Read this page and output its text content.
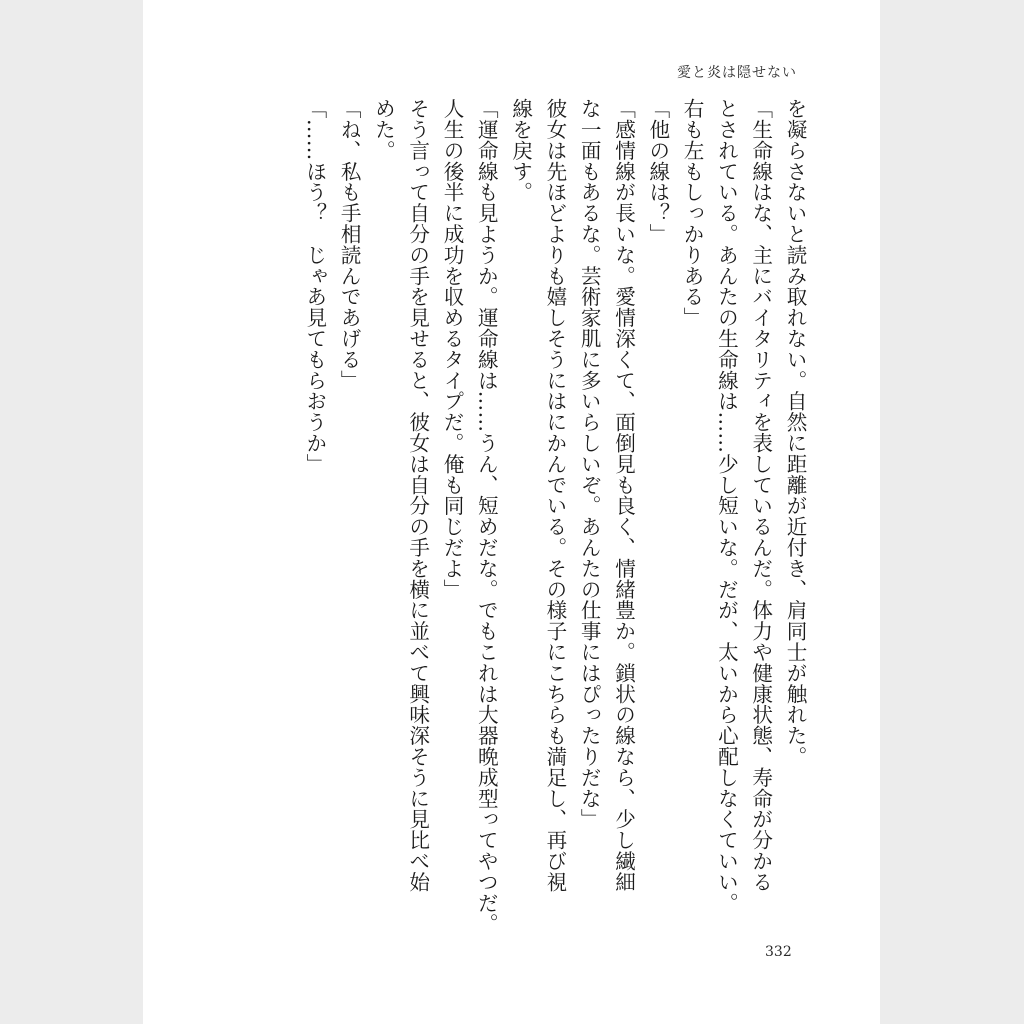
愛と炎は隠せない
を凝らさないと読み取れない。自然に距離が近付き、肩同士が触れた。
「生命線はな、主にバイタリティを表しているんだ。体力や健康状態、寿命が分かる
とされている。あんたの生命線は……少し短いな。だが、太いから心配しなくていい。
右も左もしっかりある」
「他の線は？」
「感情線が長いな。愛情深くて、面倒見も良く、情緒豊か。鎖状の線なら、少し繊細
な一面もあるな。芸術家肌に多いらしいぞ。あんたの仕事にはぴったりだな」
彼女は先ほどよりも嬉しそうにはにかんでいる。その様子にこちらも満足し、再び視
線を戻す。
「運命線も見ようか。運命線は……うん、短めだな。でもこれは大器晩成型ってやつだ。
人生の後半に成功を収めるタイプだ。俺も同じだよ」
そう言って自分の手を見せると、彼女は自分の手を横に並べて興味深そうに見比べ始
めた。
「ね、私も手相読んであげる」
「……ほう？　じゃあ見てもらおうか」
332
